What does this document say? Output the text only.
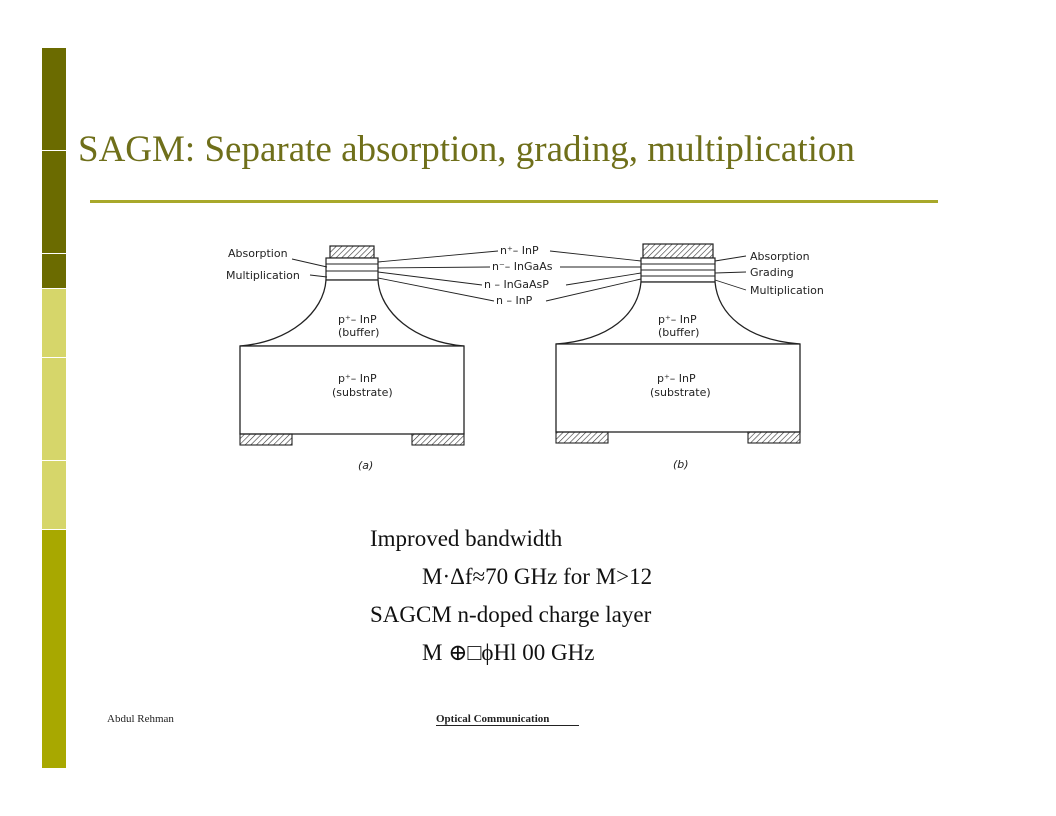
SAGM: Separate absorption, grading, multiplication
Absorption
Multiplication
p⁺– InP
(buffer)
p⁺– InP
(substrate)
(a)
Absorption
Grading
Multiplication
p⁺– InP
(buffer)
p⁺– InP
(substrate)
(b)
n⁺– InP
n⁻– InGaAs
n – InGaAsP
n – InP
Improved bandwidth
M·Δf≈70 GHz for M>12
SAGCM n-doped charge layer
M ⊕□ϕHl 00 GHz
Abdul Rehman	Optical Communication
